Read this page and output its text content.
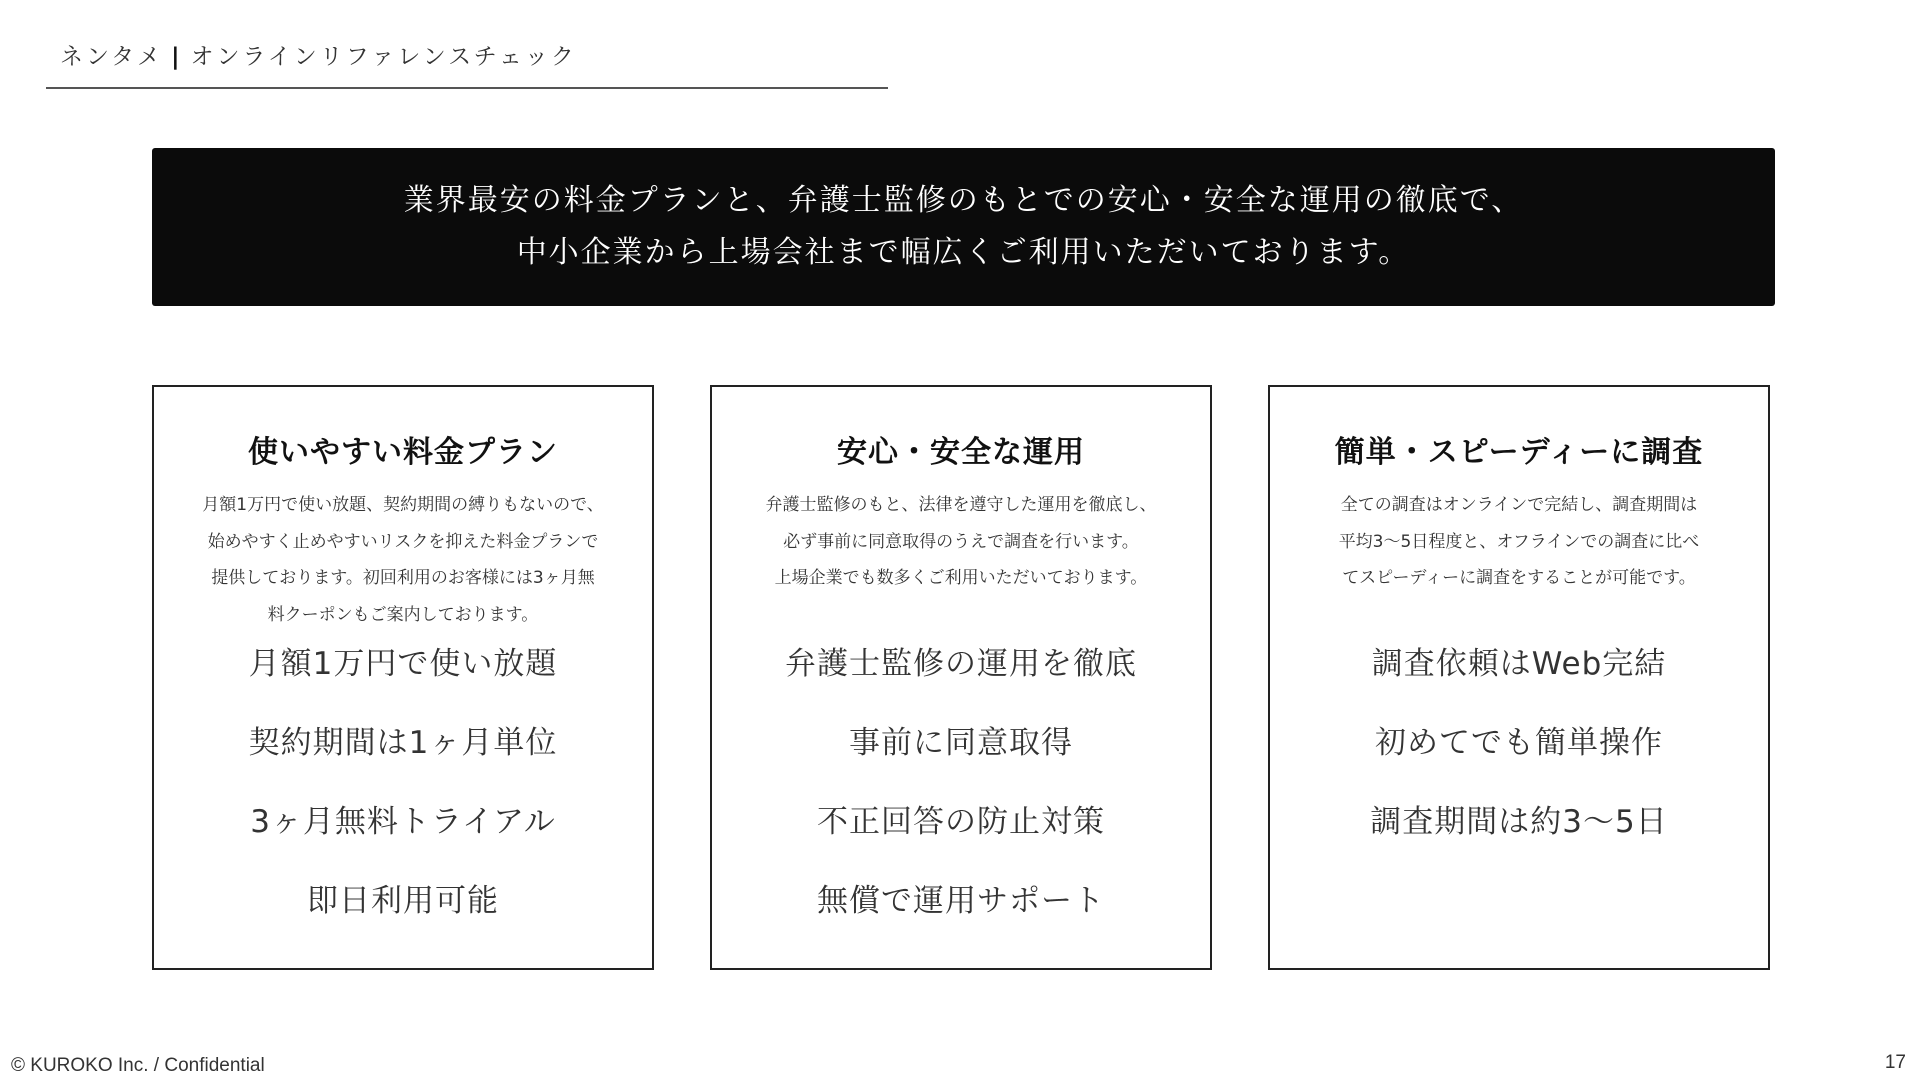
ネンタメ | オンラインリファレンスチェック
業界最安の料金プランと、弁護士監修のもとでの安心・安全な運用の徹底で、
中小企業から上場会社まで幅広くご利用いただいております。
使いやすい料金プラン
月額1万円で使い放題、契約期間の縛りもないので、
始めやすく止めやすいリスクを抑えた料金プランで
提供しております。初回利用のお客様には3ヶ月無
料クーポンもご案内しております。
月額1万円で使い放題
契約期間は1ヶ月単位
3ヶ月無料トライアル
即日利用可能
安心・安全な運用
弁護士監修のもと、法律を遵守した運用を徹底し、
必ず事前に同意取得のうえで調査を行います。
上場企業でも数多くご利用いただいております。
弁護士監修の運用を徹底
事前に同意取得
不正回答の防止対策
無償で運用サポート
簡単・スピーディーに調査
全ての調査はオンラインで完結し、調査期間は
平均3〜5日程度と、オフラインでの調査に比べ
てスピーディーに調査をすることが可能です。
調査依頼はWeb完結
初めてでも簡単操作
調査期間は約3〜5日
© KUROKO Inc. / Confidential	17
